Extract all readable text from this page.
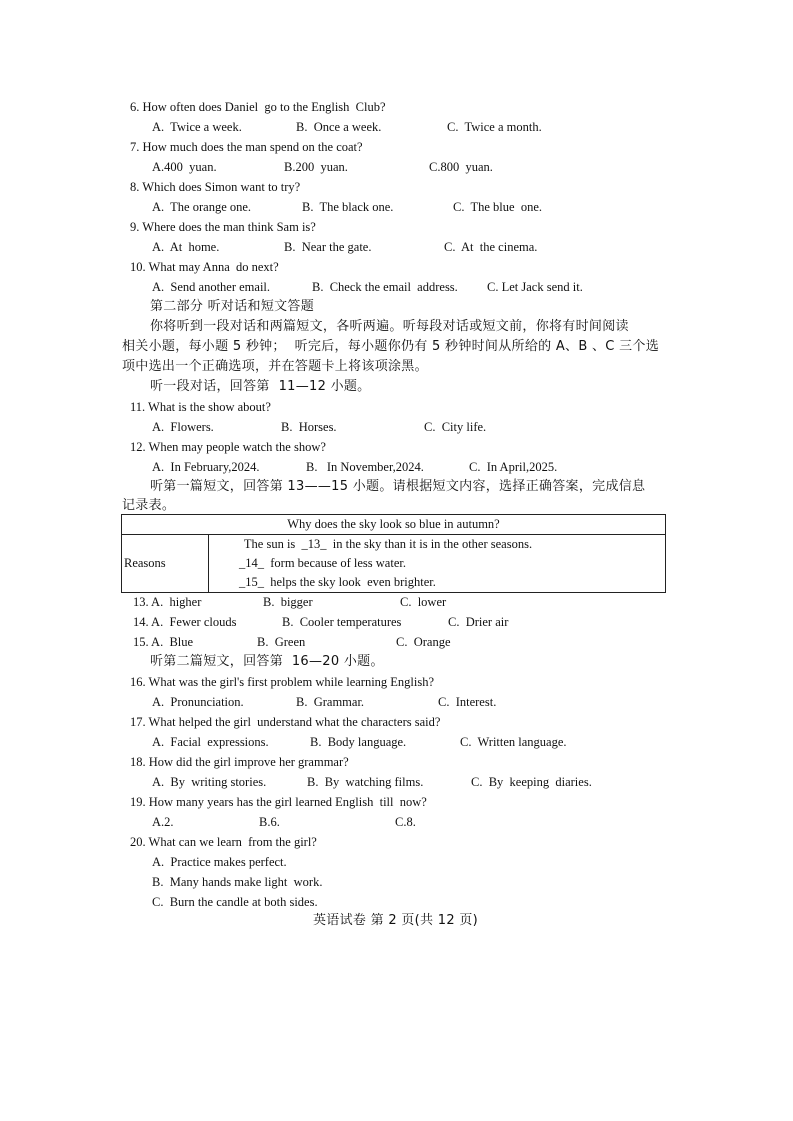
6. How often does Daniel  go to the English  Club?
A.  Twice a week.	B.  Once a week.	C.  Twice a month.
7. How much does the man spend on the coat?
A.400  yuan.	B.200  yuan.	C.800  yuan.
8. Which does Simon want to try?
A.  The orange one.	B.  The black one.	C.  The blue  one.
9. Where does the man think Sam is?
A.  At  home.	B.  Near the gate.	C.  At  the cinema.
10. What may Anna  do next?
A.  Send another email.	B.  Check the email  address. C. Let Jack send it.
第二部分 听对话和短文答题
你将听到一段对话和两篇短文，各听两遍。听每段对话或短文前，你将有时间阅读
相关小题，每小题 5 秒钟；  听完后，每小题你仍有 5 秒钟时间从所给的 A、B 、C 三个选
项中选出一个正确选项，并在答题卡上将该项涂黑。
听一段对话，回答第  11—12 小题。
11. What is the show about?
A.  Flowers.	B.  Horses.	C.  City life.
12. When may people watch the show?
A.  In February,2024.	B.   In November,2024.	C.  In April,2025.
听第一篇短文，回答第 13——15 小题。请根据短文内容，选择正确答案，完成信息
记录表。
Why does the sky look so blue in autumn?
Reasons	
The sun is  _13_  in the sky than it is in the other seasons.
_14_  form because of less water.
_15_  helps the sky look  even brighter.
13. A.  higher	B.  bigger	C.  lower
14. A.  Fewer clouds	B.  Cooler temperatures	C.  Drier air
15. A.  Blue	B.  Green	C.  Orange
听第二篇短文，回答第  16—20 小题。
16. What was the girl's first problem while learning English?
A.  Pronunciation.	B.  Grammar.	C.  Interest.
17. What helped the girl  understand what the characters said?
A.  Facial  expressions.	B.  Body language.	C.  Written language.
18. How did the girl improve her grammar?
A.  By  writing stories.	B.  By  watching films.	C.  By  keeping  diaries.
19. How many years has the girl learned English  till  now?
A.2.	B.6.	C.8.
20. What can we learn  from the girl?
A.  Practice makes perfect.
B.  Many hands make light  work.
C.  Burn the candle at both sides.
英语试卷 第 2 页(共 12 页)
